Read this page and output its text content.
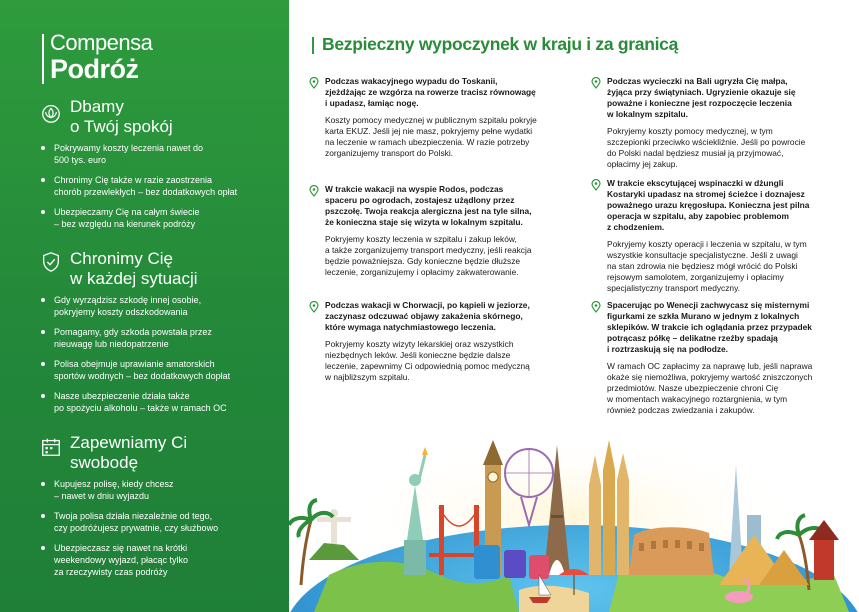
Compensa
Podróż
Dbamy
o Twój spokój
Pokrywamy koszty leczenia nawet do
500 tys. euro
Chronimy Cię także w razie zaostrzenia
chorób przewlekłych – bez dodatkowych opłat
Ubezpieczamy Cię na całym świecie
– bez względu na kierunek podróży
Chronimy Cię
w każdej sytuacji
Gdy wyrządzisz szkodę innej osobie,
pokryjemy koszty odszkodowania
Pomagamy, gdy szkoda powstała przez
nieuwagę lub niedopatrzenie
Polisa obejmuje uprawianie amatorskich
sportów wodnych – bez dodatkowych dopłat
Nasze ubezpieczenie działa także
po spożyciu alkoholu – także w ramach OC
Zapewniamy Ci
swobodę
Kupujesz polisę, kiedy chcesz
– nawet w dniu wyjazdu
Twoja polisa działa niezależnie od tego,
czy podróżujesz prywatnie, czy służbowo
Ubezpieczasz się nawet na krótki
weekendowy wyjazd, płacąc tylko
za rzeczywisty czas podróży
Bezpieczny wypoczynek w kraju i za granicą
Podczas wakacyjnego wypadu do Toskanii,
zjeżdżając ze wzgórza na rowerze tracisz równowagę
i upadasz, łamiąc nogę.
Koszty pomocy medycznej w publicznym szpitalu pokryje
karta EKUZ. Jeśli jej nie masz, pokryjemy pełne wydatki
na leczenie w ramach ubezpieczenia. W razie potrzeby
zorganizujemy transport do Polski.
W trakcie wakacji na wyspie Rodos, podczas
spaceru po ogrodach, zostajesz użądlony przez
pszczołę. Twoja reakcja alergiczna jest na tyle silna,
że konieczna staje się wizyta w lokalnym szpitalu.
Pokryjemy koszty leczenia w szpitalu i zakup leków,
a także zorganizujemy transport medyczny, jeśli reakcja
będzie poważniejsza. Gdy konieczne będzie dłuższe
leczenie, zorganizujemy i opłacimy zakwaterowanie.
Podczas wakacji w Chorwacji, po kąpieli w jeziorze,
zaczynasz odczuwać objawy zakażenia skórnego,
które wymaga natychmiastowego leczenia.
Pokryjemy koszty wizyty lekarskiej oraz wszystkich
niezbędnych leków. Jeśli konieczne będzie dalsze
leczenie, zapewnimy Ci odpowiednią pomoc medyczną
w najbliższym szpitalu.
Podczas wycieczki na Bali ugryzła Cię małpa,
żyjąca przy świątyniach. Ugryzienie okazuje się
poważne i konieczne jest rozpoczęcie leczenia
w lokalnym szpitalu.
Pokryjemy koszty pomocy medycznej, w tym
szczepionki przeciwko wściekliźnie. Jeśli po powrocie
do Polski nadal będziesz musiał ją przyjmować,
opłacimy jej zakup.
W trakcie ekscytującej wspinaczki w dżungli
Kostaryki upadasz na stromej ścieżce i doznajesz
poważnego urazu kręgosłupa. Konieczna jest pilna
operacja w szpitalu, aby zapobiec problemom
z chodzeniem.
Pokryjemy koszty operacji i leczenia w szpitalu, w tym
wszystkie konsultacje specjalistyczne. Jeśli z uwagi
na stan zdrowia nie będziesz mógł wrócić do Polski
rejsowym samolotem, zorganizujemy i opłacimy
specjalistyczny transport medyczny.
Spacerując po Wenecji zachwycasz się misternymi
figurkami ze szkła Murano w jednym z lokalnych
sklepików. W trakcie ich oglądania przez przypadek
potrącasz półkę – delikatne rzeźby spadają
i roztrzaskują się na podłodze.
W ramach OC zapłacimy za naprawę lub, jeśli naprawa
okaże się niemożliwa, pokryjemy wartość zniszczonych
przedmiotów. Nasze ubezpieczenie chroni Cię
w momentach wakacyjnego roztargnienia, w tym
również podczas zwiedzania i zakupów.
